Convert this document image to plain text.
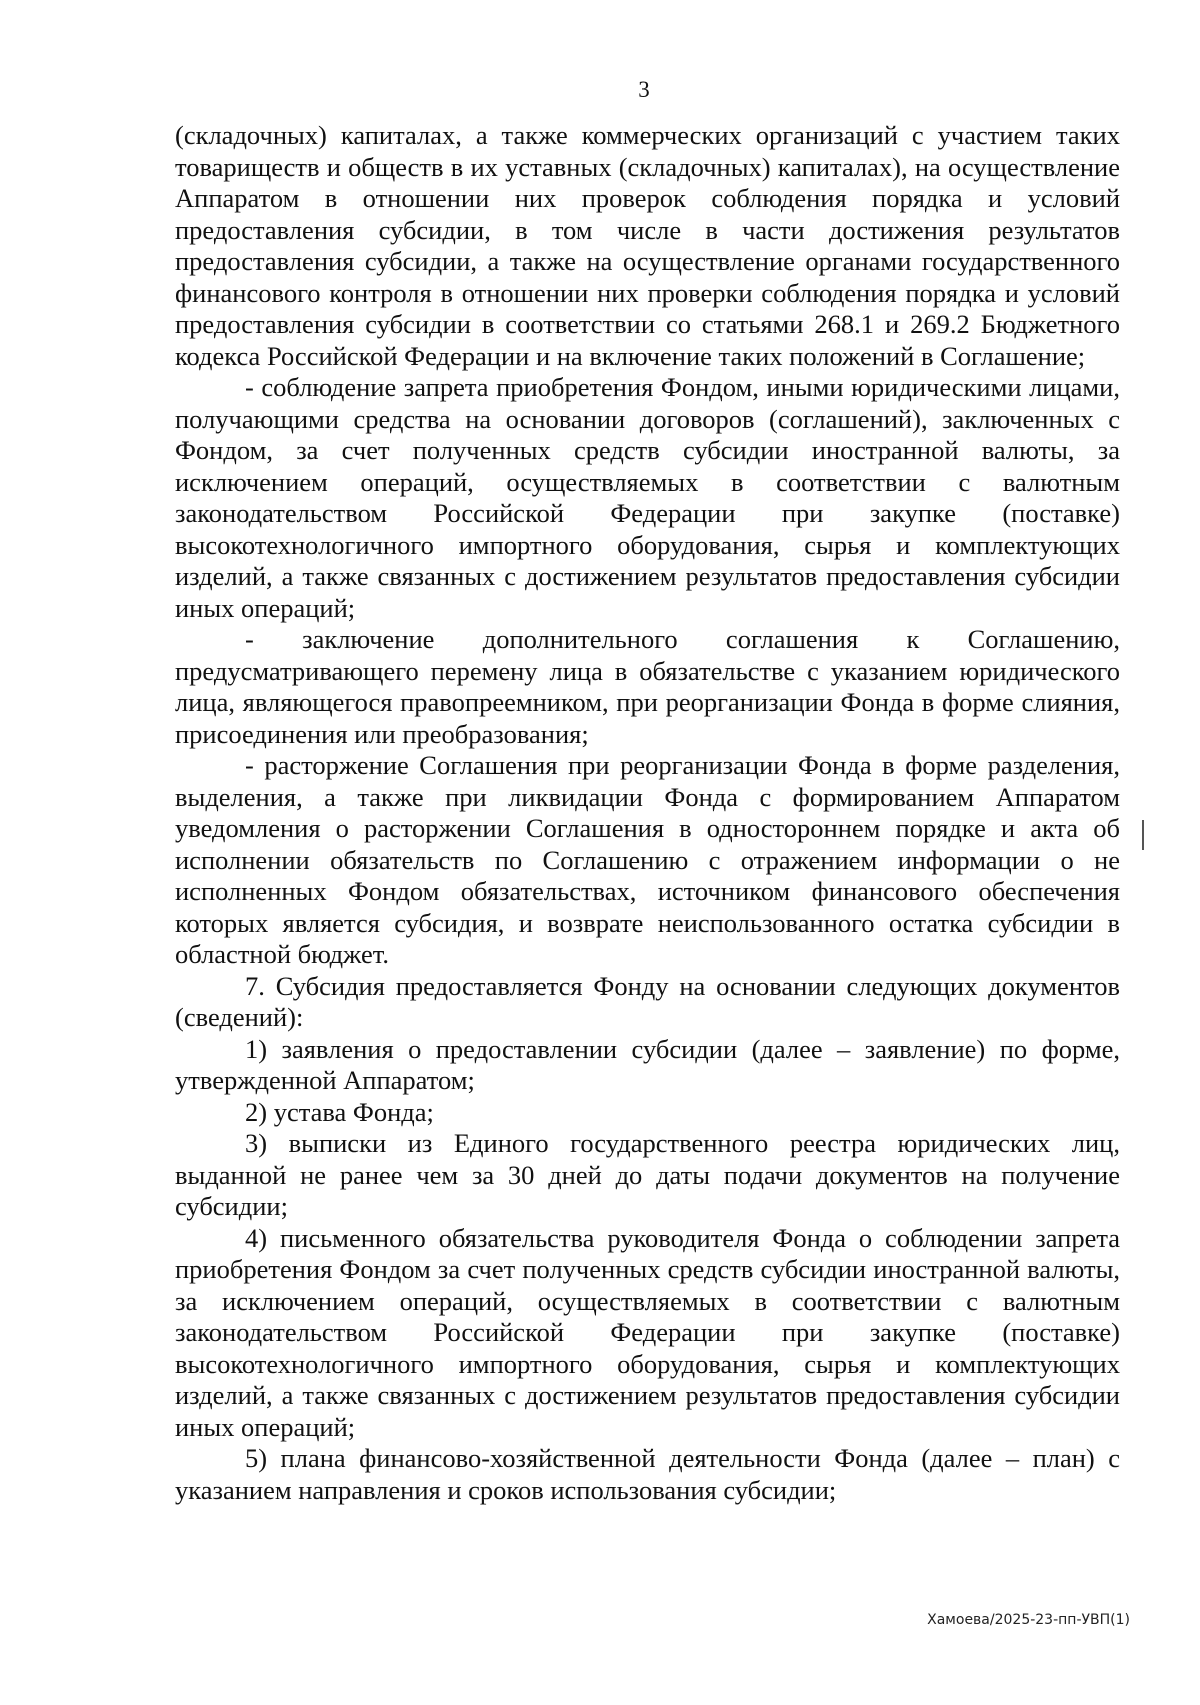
3

(складочных) капиталах, а также коммерческих организаций с участием таких товариществ и обществ в их уставных (складочных) капиталах), на осуществление Аппаратом в отношении них проверок соблюдения порядка и условий предоставления субсидии, в том числе в части достижения результатов предоставления субсидии, а также на осуществление органами государственного финансового контроля в отношении них проверки соблюдения порядка и условий предоставления субсидии в соответствии со статьями 268.1 и 269.2 Бюджетного кодекса Российской Федерации и на включение таких положений в Соглашение;

- соблюдение запрета приобретения Фондом, иными юридическими лицами, получающими средства на основании договоров (соглашений), заключенных с Фондом, за счет полученных средств субсидии иностранной валюты, за исключением операций, осуществляемых в соответствии с валютным законодательством Российской Федерации при закупке (поставке) высокотехнологичного импортного оборудования, сырья и комплектующих изделий, а также связанных с достижением результатов предоставления субсидии иных операций;

- заключение дополнительного соглашения к Соглашению, предусматривающего перемену лица в обязательстве с указанием юридического лица, являющегося правопреемником, при реорганизации Фонда в форме слияния, присоединения или преобразования;

- расторжение Соглашения при реорганизации Фонда в форме разделения, выделения, а также при ликвидации Фонда с формированием Аппаратом уведомления о расторжении Соглашения в одностороннем порядке и акта об исполнении обязательств по Соглашению с отражением информации о не исполненных Фондом обязательствах, источником финансового обеспечения которых является субсидия, и возврате неиспользованного остатка субсидии в областной бюджет.

7. Субсидия предоставляется Фонду на основании следующих документов (сведений):

1) заявления о предоставлении субсидии (далее – заявление) по форме, утвержденной Аппаратом;

2) устава Фонда;

3) выписки из Единого государственного реестра юридических лиц, выданной не ранее чем за 30 дней до даты подачи документов на получение субсидии;

4) письменного обязательства руководителя Фонда о соблюдении запрета приобретения Фондом за счет полученных средств субсидии иностранной валюты, за исключением операций, осуществляемых в соответствии с валютным законодательством Российской Федерации при закупке (поставке) высокотехнологичного импортного оборудования, сырья и комплектующих изделий, а также связанных с достижением результатов предоставления субсидии иных операций;

5) плана финансово-хозяйственной деятельности Фонда (далее – план) с указанием направления и сроков использования субсидии;

Хамоева/2025-23-пп-УВП(1)
